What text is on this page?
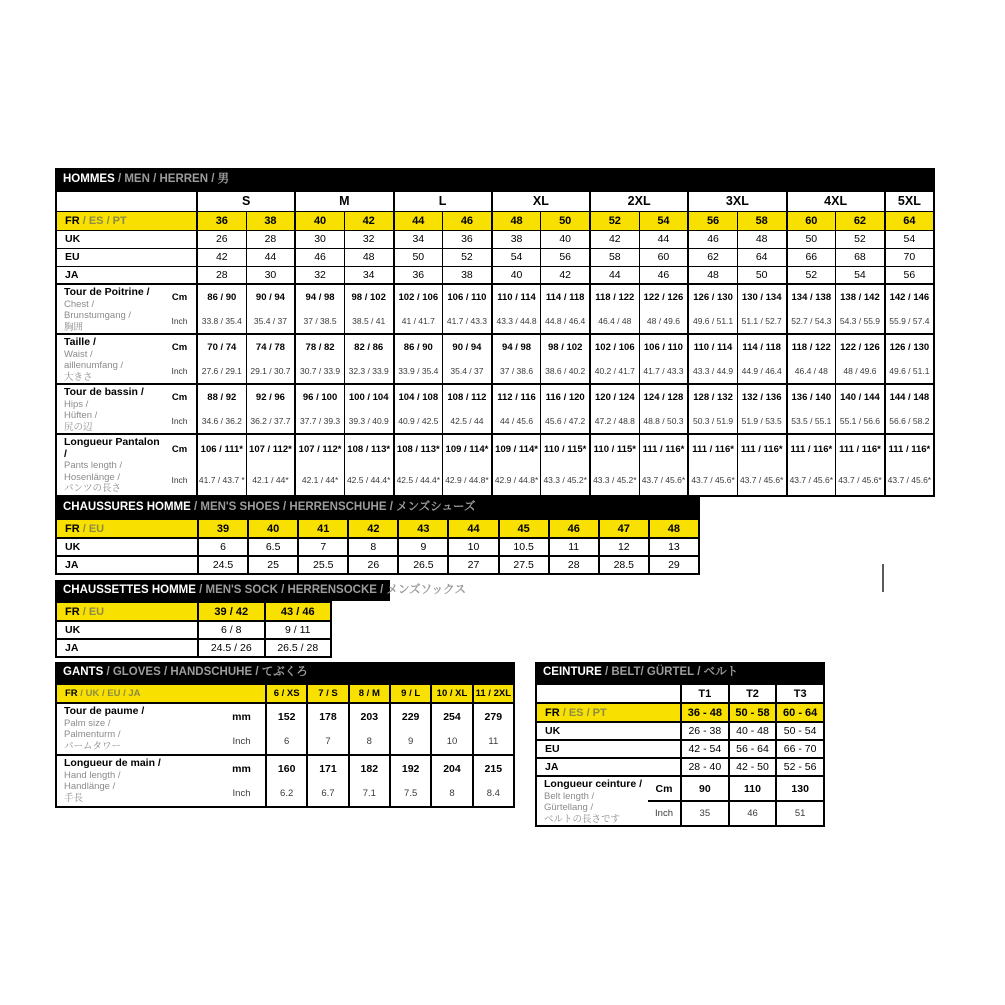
HOMMES / MEN / HERREN / 男
		S		M		L		XL		2XL		3XL		4XL		5XL
FR / ES / PT		36	38	40	42	44	46	48	50	52	54	56	58	60	62	64
UK		26	28	30	32	34	36	38	40	42	44	46	48	50	52	54
EU		42	44	46	48	50	52	54	56	58	60	62	64	66	68	70
JA		28	30	32	34	36	38	40	42	44	46	48	50	52	54	56
Tour de Poitrine /
Chest /
Brunstumgang /
胸囲	Cm	86 / 90	90 / 94	94 / 98	98 / 102	102 / 106	106 / 110	110 / 114	114 / 118	118 / 122	122 / 126	126 / 130	130 / 134	134 / 138	138 / 142	142 / 146
	Inch	33.8 / 35.4	35.4 / 37	37 / 38.5	38.5 / 41	41 / 41.7	41.7 / 43.3	43.3 / 44.8	44.8 / 46.4	46.4 / 48	48 / 49.6	49.6 / 51.1	51.1 / 52.7	52.7 / 54.3	54.3 / 55.9	55.9 / 57.4
Taille /
Waist /
aillenumfang /
大きさ	Cm	70 / 74	74 / 78	78 / 82	82 / 86	86 / 90	90 / 94	94 / 98	98 / 102	102 / 106	106 / 110	110 / 114	114 / 118	118 / 122	122 / 126	126 / 130
	Inch	27.6 / 29.1	29.1 / 30.7	30.7 / 33.9	32.3 / 33.9	33.9 / 35.4	35.4 / 37	37 / 38.6	38.6 / 40.2	40.2 / 41.7	41.7 / 43.3	43.3 / 44.9	44.9 / 46.4	46.4 / 48	48 / 49.6	49.6 / 51.1
Tour de bassin /
Hips /
Hüften /
尻の辺	Cm	88 / 92	92 / 96	96 / 100	100 / 104	104 / 108	108 / 112	112 / 116	116 / 120	120 / 124	124 / 128	128 / 132	132 / 136	136 / 140	140 / 144	144 / 148
	Inch	34.6 / 36.2	36.2 / 37.7	37.7 / 39.3	39.3 / 40.9	40.9 / 42.5	42.5 / 44	44 / 45.6	45.6 / 47.2	47.2 / 48.8	48.8 / 50.3	50.3 / 51.9	51.9 / 53.5	53.5 / 55.1	55.1 / 56.6	56.6 / 58.2
Longueur Pantalon /
Pants length /
Hosenlänge /
パンツの長さ	Cm	106 / 111*	107 / 112*	107 / 112*	108 / 113*	108 / 113*	109 / 114*	109 / 114*	110 / 115*	110 / 115*	111 / 116*	111 / 116*	111 / 116*	111 / 116*	111 / 116*	111 / 116*
	Inch	41.7 / 43.7 *	42.1 / 44*	42.1 / 44*	42.5 / 44.4*	42.5 / 44.4*	42.9 / 44.8*	42.9 / 44.8*	43.3 / 45.2*	43.3 / 45.2*	43.7 / 45.6*	43.7 / 45.6*	43.7 / 45.6*	43.7 / 45.6*	43.7 / 45.6*	43.7 / 45.6*
CHAUSSURES HOMME / MEN'S SHOES / HERRENSCHUHE / メンズシューズ
FR / EU	39	40	41	42	43	44	45	46	47	48
UK	6	6.5	7	8	9	10	10.5	11	12	13
JA	24.5	25	25.5	26	26.5	27	27.5	28	28.5	29
CHAUSSETTES HOMME / MEN'S SOCK / HERRENSOCKE / メンズソックス
FR / EU	39 / 42	43 / 46
UK	6 / 8	9 / 11
JA	24.5 / 26	26.5 / 28
GANTS / GLOVES / HANDSCHUHE / てぶくろ
FR / UK / EU / JA		6 / XS	7 / S	8 / M	9 / L	10 / XL	11 / 2XL
Tour de paume /
Palm size /
Palmenturm /
パームタワー	mm	152	178	203	229	254	279
	Inch	6	7	8	9	10	11
Longueur de main /
Hand length /
Handlänge /
手長	mm	160	171	182	192	204	215
	Inch	6.2	6.7	7.1	7.5	8	8.4
CEINTURE / BELT/ GÜRTEL / ベルト
		T1	T2	T3
FR / ES / PT		36 - 48	50 - 58	60 - 64
UK		26 - 38	40 - 48	50 - 54
EU		42 - 54	56 - 64	66 - 70
JA		28 - 40	42 - 50	52 - 56
Longueur ceinture /
Belt length /
Gürtellang /
ベルトの長さです	Cm	90	110	130
	Inch	35	46	51
